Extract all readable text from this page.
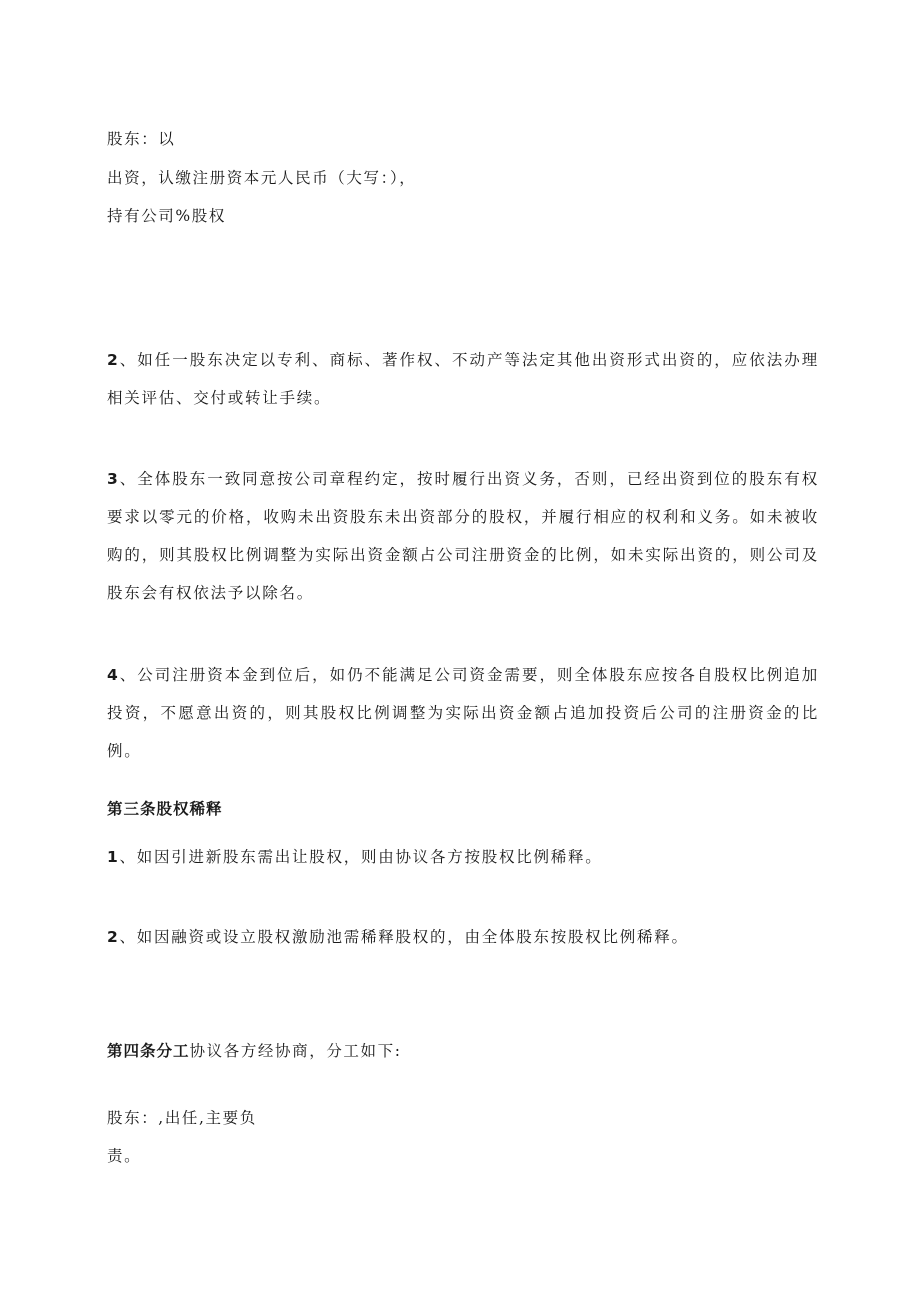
股东：以
出资，认缴注册资本元人民币（大写：），
持有公司%股权

2、如任一股东决定以专利、商标、著作权、不动产等法定其他出资形式出资的，应依法办理相关评估、交付或转让手续。

3、全体股东一致同意按公司章程约定，按时履行出资义务，否则，已经出资到位的股东有权要求以零元的价格，收购未出资股东未出资部分的股权，并履行相应的权利和义务。如未被收购的，则其股权比例调整为实际出资金额占公司注册资金的比例，如未实际出资的，则公司及股东会有权依法予以除名。

4、公司注册资本金到位后，如仍不能满足公司资金需要，则全体股东应按各自股权比例追加投资，不愿意出资的，则其股权比例调整为实际出资金额占追加投资后公司的注册资金的比例。

第三条股权稀释

1、如因引进新股东需出让股权，则由协议各方按股权比例稀释。

2、如因融资或设立股权激励池需稀释股权的，由全体股东按股权比例稀释。

第四条分工协议各方经协商，分工如下:
股东：,出任,主要负
责。
